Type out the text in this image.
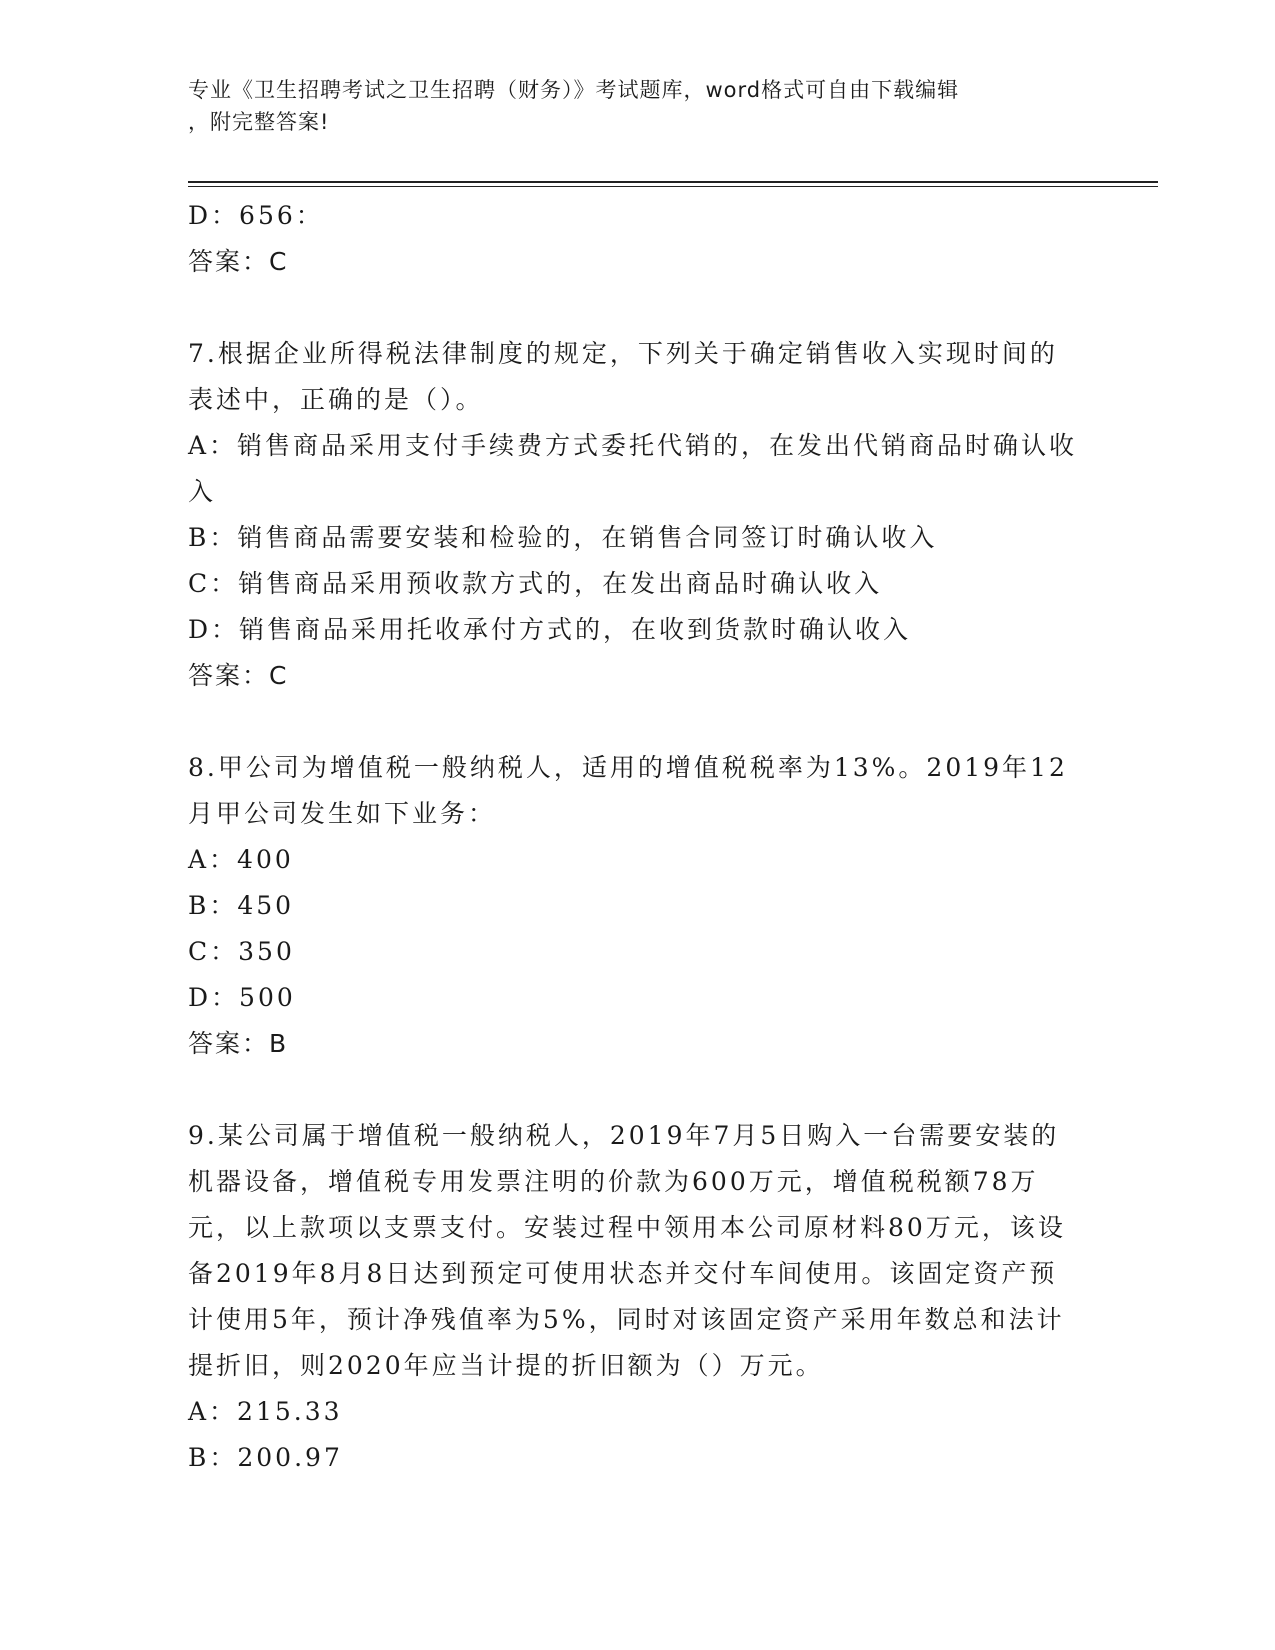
专业《卫生招聘考试之卫生招聘（财务）》考试题库，word格式可自由下载编辑
，附完整答案!

D：656：

答案：C

7.根据企业所得税法律制度的规定，下列关于确定销售收入实现时间的表述中，正确的是（）。

A：销售商品采用支付手续费方式委托代销的，在发出代销商品时确认收入

B：销售商品需要安装和检验的，在销售合同签订时确认收入

C：销售商品采用预收款方式的，在发出商品时确认收入

D：销售商品采用托收承付方式的，在收到货款时确认收入

答案：C

8.甲公司为增值税一般纳税人，适用的增值税税率为13%。2019年12月甲公司发生如下业务：

A：400

B：450

C：350

D：500

答案：B

9.某公司属于增值税一般纳税人，2019年7月5日购入一台需要安装的机器设备，增值税专用发票注明的价款为600万元，增值税税额78万元，以上款项以支票支付。安装过程中领用本公司原材料80万元，该设备2019年8月8日达到预定可使用状态并交付车间使用。该固定资产预计使用5年，预计净残值率为5%，同时对该固定资产采用年数总和法计提折旧，则2020年应当计提的折旧额为（）万元。

A：215.33

B：200.97
